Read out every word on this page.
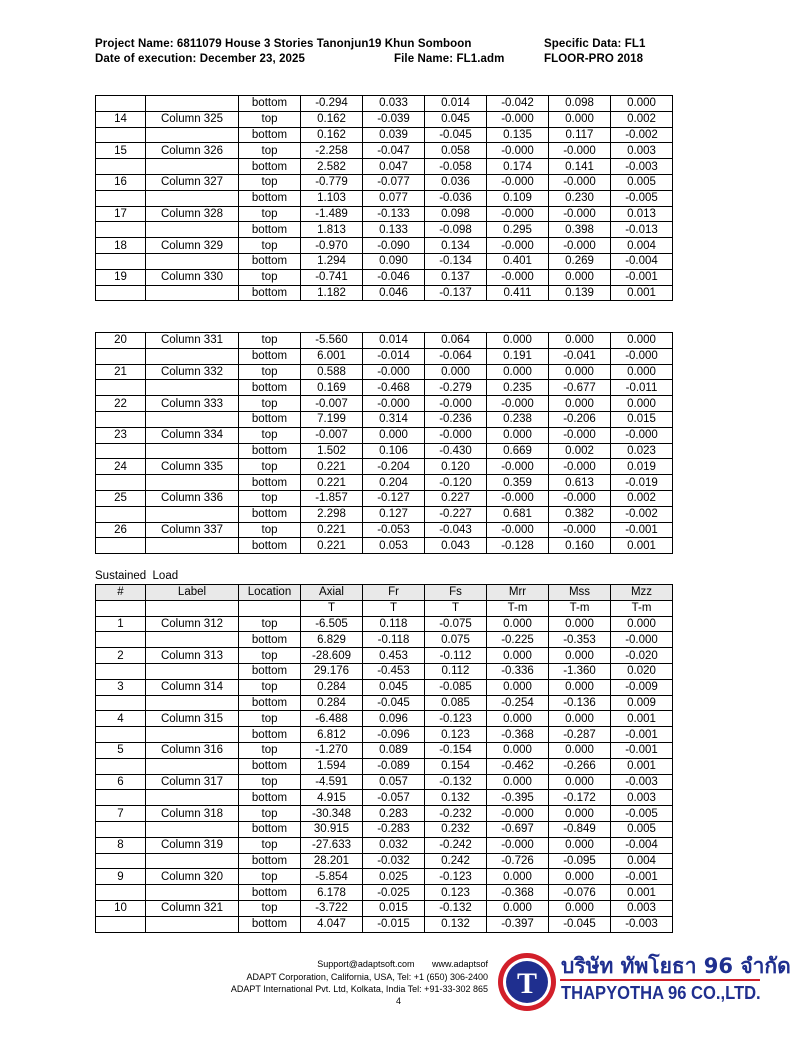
Project Name: 6811079 House 3 Stories Tanonjun19 Khun Somboon	Specific Data: FL1
Date of execution: December 23, 2025	File Name: FL1.adm	FLOOR-PRO 2018
		bottom	-0.294	0.033	0.014	-0.042	0.098	0.000
14	Column 325	top	0.162	-0.039	0.045	-0.000	0.000	0.002
		bottom	0.162	0.039	-0.045	0.135	0.117	-0.002
15	Column 326	top	-2.258	-0.047	0.058	-0.000	-0.000	0.003
		bottom	2.582	0.047	-0.058	0.174	0.141	-0.003
16	Column 327	top	-0.779	-0.077	0.036	-0.000	-0.000	0.005
		bottom	1.103	0.077	-0.036	0.109	0.230	-0.005
17	Column 328	top	-1.489	-0.133	0.098	-0.000	-0.000	0.013
		bottom	1.813	0.133	-0.098	0.295	0.398	-0.013
18	Column 329	top	-0.970	-0.090	0.134	-0.000	-0.000	0.004
		bottom	1.294	0.090	-0.134	0.401	0.269	-0.004
19	Column 330	top	-0.741	-0.046	0.137	-0.000	0.000	-0.001
		bottom	1.182	0.046	-0.137	0.411	0.139	0.001
20	Column 331	top	-5.560	0.014	0.064	0.000	0.000	0.000
		bottom	6.001	-0.014	-0.064	0.191	-0.041	-0.000
21	Column 332	top	0.588	-0.000	0.000	0.000	0.000	0.000
		bottom	0.169	-0.468	-0.279	0.235	-0.677	-0.011
22	Column 333	top	-0.007	-0.000	-0.000	-0.000	0.000	0.000
		bottom	7.199	0.314	-0.236	0.238	-0.206	0.015
23	Column 334	top	-0.007	0.000	-0.000	0.000	-0.000	-0.000
		bottom	1.502	0.106	-0.430	0.669	0.002	0.023
24	Column 335	top	0.221	-0.204	0.120	-0.000	-0.000	0.019
		bottom	0.221	0.204	-0.120	0.359	0.613	-0.019
25	Column 336	top	-1.857	-0.127	0.227	-0.000	-0.000	0.002
		bottom	2.298	0.127	-0.227	0.681	0.382	-0.002
26	Column 337	top	0.221	-0.053	-0.043	-0.000	-0.000	-0.001
		bottom	0.221	0.053	0.043	-0.128	0.160	0.001
Sustained  Load
#	Label	Location	Axial	Fr	Fs	Mrr	Mss	Mzz
			T	T	T	T-m	T-m	T-m
1	Column 312	top	-6.505	0.118	-0.075	0.000	0.000	0.000
		bottom	6.829	-0.118	0.075	-0.225	-0.353	-0.000
2	Column 313	top	-28.609	0.453	-0.112	0.000	0.000	-0.020
		bottom	29.176	-0.453	0.112	-0.336	-1.360	0.020
3	Column 314	top	0.284	0.045	-0.085	0.000	0.000	-0.009
		bottom	0.284	-0.045	0.085	-0.254	-0.136	0.009
4	Column 315	top	-6.488	0.096	-0.123	0.000	0.000	0.001
		bottom	6.812	-0.096	0.123	-0.368	-0.287	-0.001
5	Column 316	top	-1.270	0.089	-0.154	0.000	0.000	-0.001
		bottom	1.594	-0.089	0.154	-0.462	-0.266	0.001
6	Column 317	top	-4.591	0.057	-0.132	0.000	0.000	-0.003
		bottom	4.915	-0.057	0.132	-0.395	-0.172	0.003
7	Column 318	top	-30.348	0.283	-0.232	-0.000	0.000	-0.005
		bottom	30.915	-0.283	0.232	-0.697	-0.849	0.005
8	Column 319	top	-27.633	0.032	-0.242	-0.000	0.000	-0.004
		bottom	28.201	-0.032	0.242	-0.726	-0.095	0.004
9	Column 320	top	-5.854	0.025	-0.123	0.000	0.000	-0.001
		bottom	6.178	-0.025	0.123	-0.368	-0.076	0.001
10	Column 321	top	-3.722	0.015	-0.132	0.000	0.000	0.003
		bottom	4.047	-0.015	0.132	-0.397	-0.045	-0.003
Support@adaptsoft.com       www.adaptsof
ADAPT Corporation, California, USA, Tel: +1 (650) 306-2400
ADAPT International Pvt. Ltd, Kolkata, India Tel: +91-33-302 865
4
T
บริษัท ทัพโยธา 96 จำกัด
THAPYOTHA 96 CO.,LTD.
